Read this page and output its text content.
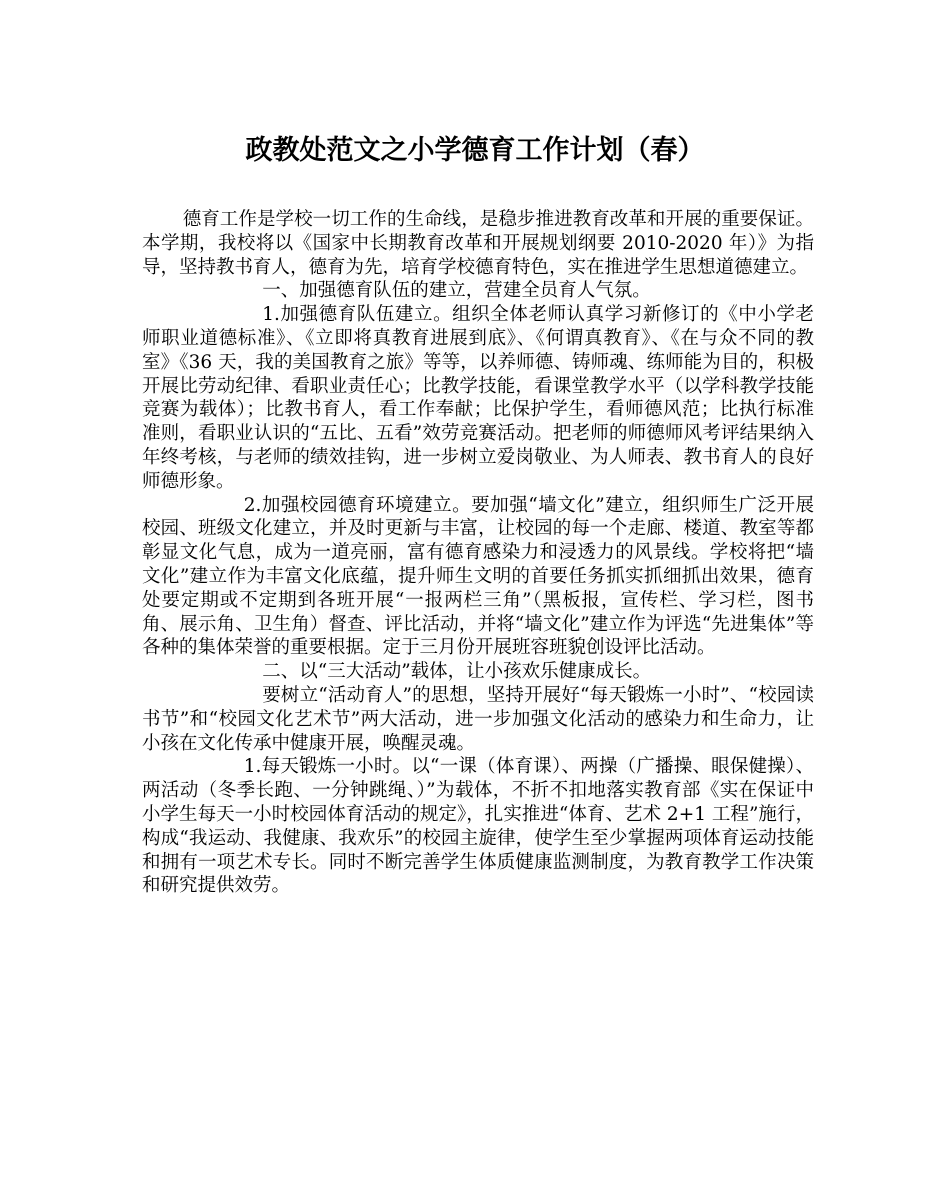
政教处范文之小学德育工作计划（春）

德育工作是学校一切工作的生命线，是稳步推进教育改革和开展的重要保证。本学期，我校将以《国家中长期教育改革和开展规划纲要 2010-2020 年）》为指导，坚持教书育人，德育为先，培育学校德育特色，实在推进学生思想道德建立。

一、加强德育队伍的建立，营建全员育人气氛。

1.加强德育队伍建立。组织全体老师认真学习新修订的《中小学老师职业道德标准》、《立即将真教育进展到底》、《何谓真教育》、《在与众不同的教室》《36 天，我的美国教育之旅》等等，以养师德、铸师魂、练师能为目的，积极开展比劳动纪律、看职业责任心；比教学技能，看课堂教学水平（以学科教学技能竞赛为载体）；比教书育人，看工作奉献；比保护学生，看师德风范；比执行标准准则，看职业认识的“五比、五看”效劳竞赛活动。把老师的师德师风考评结果纳入年终考核，与老师的绩效挂钩，进一步树立爱岗敬业、为人师表、教书育人的良好师德形象。

2.加强校园德育环境建立。要加强“墙文化”建立，组织师生广泛开展校园、班级文化建立，并及时更新与丰富，让校园的每一个走廊、楼道、教室等都彰显文化气息，成为一道亮丽，富有德育感染力和浸透力的风景线。学校将把“墙文化”建立作为丰富文化底蕴，提升师生文明的首要任务抓实抓细抓出效果，德育处要定期或不定期到各班开展“一报两栏三角”（黑板报，宣传栏、学习栏，图书角、展示角、卫生角）督查、评比活动，并将“墙文化”建立作为评选“先进集体”等各种的集体荣誉的重要根据。定于三月份开展班容班貌创设评比活动。

二、以“三大活动”载体，让小孩欢乐健康成长。

要树立“活动育人”的思想，坚持开展好“每天锻炼一小时”、“校园读书节”和“校园文化艺术节”两大活动，进一步加强文化活动的感染力和生命力，让小孩在文化传承中健康开展，唤醒灵魂。

1.每天锻炼一小时。以“一课（体育课）、两操（广播操、眼保健操）、两活动（冬季长跑、一分钟跳绳、）”为载体，不折不扣地落实教育部《实在保证中小学生每天一小时校园体育活动的规定》，扎实推进“体育、艺术 2+1 工程”施行，构成“我运动、我健康、我欢乐”的校园主旋律，使学生至少掌握两项体育运动技能和拥有一项艺术专长。同时不断完善学生体质健康监测制度，为教育教学工作决策和研究提供效劳。
